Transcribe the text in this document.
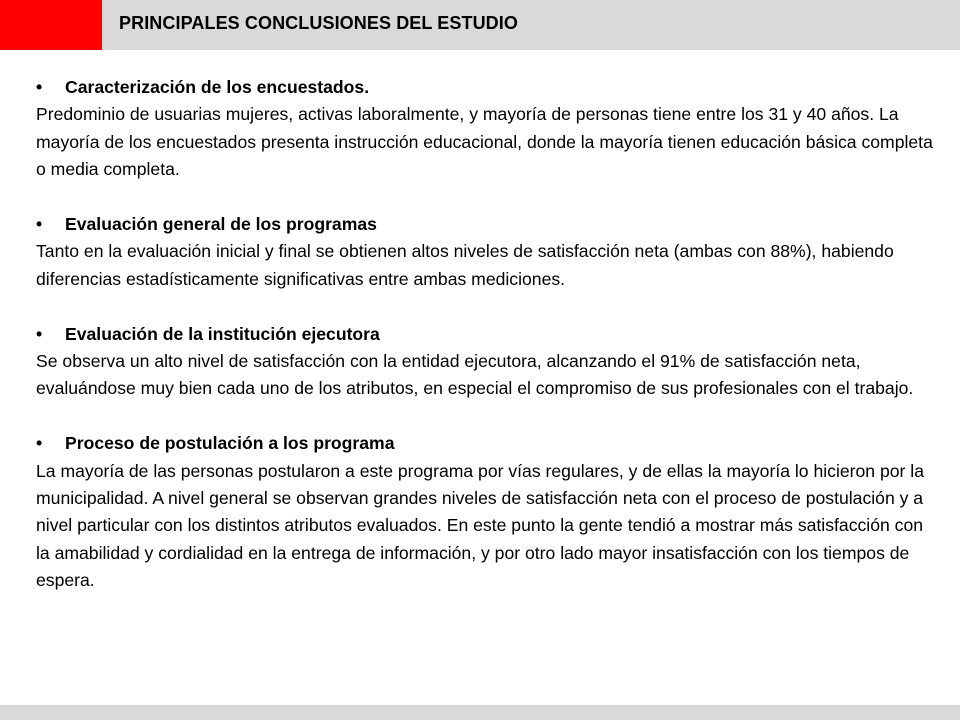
PRINCIPALES CONCLUSIONES DEL ESTUDIO
• Caracterización de los encuestados.

Predominio de usuarias mujeres, activas laboralmente, y mayoría de personas tiene entre los 31 y 40 años. La mayoría de los encuestados presenta instrucción educacional, donde la mayoría tienen educación básica completa o media completa.

• Evaluación general de los programas

Tanto en la evaluación inicial y final se obtienen altos niveles de satisfacción neta (ambas con 88%), habiendo diferencias estadísticamente significativas entre ambas mediciones.

• Evaluación de la institución ejecutora

Se observa un alto nivel de satisfacción con la entidad ejecutora, alcanzando el 91% de satisfacción neta, evaluándose muy bien cada uno de los atributos, en especial el compromiso de sus profesionales con el trabajo.

• Proceso de postulación a los programa

La mayoría de las personas postularon a este programa por vías regulares, y de ellas la mayoría lo hicieron por la municipalidad. A nivel general se observan grandes niveles de satisfacción neta con el proceso de postulación y a nivel particular con los distintos atributos evaluados. En este punto la gente tendió a mostrar más satisfacción con la amabilidad y cordialidad en la entrega de información, y por otro lado mayor insatisfacción con los tiempos de espera.
